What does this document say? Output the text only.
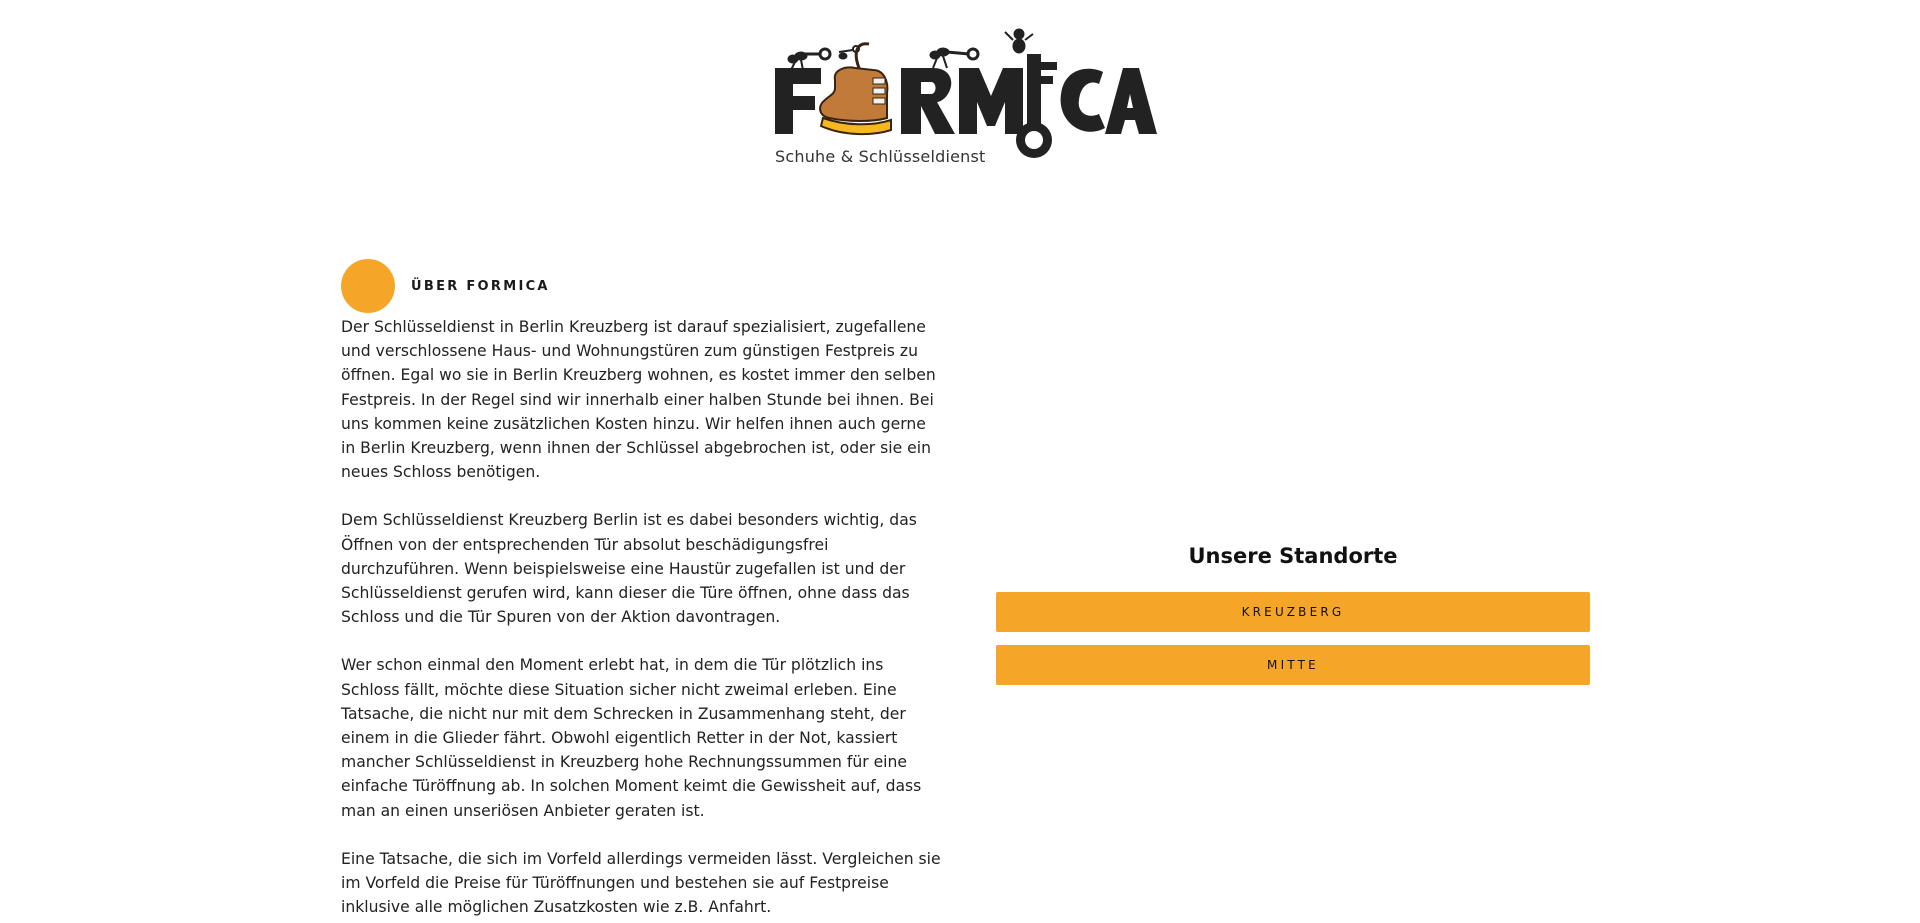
Schuhe & Schlüsseldienst
ÜBER FORMICA

Der Schlüsseldienst in Berlin Kreuzberg ist darauf spezialisiert, zugefallene und verschlossene Haus- und Wohnungstüren zum günstigen Festpreis zu öffnen. Egal wo sie in Berlin Kreuzberg wohnen, es kostet immer den selben Festpreis. In der Regel sind wir innerhalb einer halben Stunde bei ihnen. Bei uns kommen keine zusätzlichen Kosten hinzu. Wir helfen ihnen auch gerne in Berlin Kreuzberg, wenn ihnen der Schlüssel abgebrochen ist, oder sie ein neues Schloss benötigen.

Dem Schlüsseldienst Kreuzberg Berlin ist es dabei besonders wichtig, das Öffnen von der entsprechenden Tür absolut beschädigungsfrei durchzuführen. Wenn beispielsweise eine Haustür zugefallen ist und der Schlüsseldienst gerufen wird, kann dieser die Türe öffnen, ohne dass das Schloss und die Tür Spuren von der Aktion davontragen.

Wer schon einmal den Moment erlebt hat, in dem die Tür plötzlich ins Schloss fällt, möchte diese Situation sicher nicht zweimal erleben. Eine Tatsache, die nicht nur mit dem Schrecken in Zusammenhang steht, der einem in die Glieder fährt. Obwohl eigentlich Retter in der Not, kassiert mancher Schlüsseldienst in Kreuzberg hohe Rechnungssummen für eine einfache Türöffnung ab. In solchen Moment keimt die Gewissheit auf, dass man an einen unseriösen Anbieter geraten ist.

Eine Tatsache, die sich im Vorfeld allerdings vermeiden lässt. Vergleichen sie im Vorfeld die Preise für Türöffnungen und bestehen sie auf Festpreise inklusive alle möglichen Zusatzkosten wie z.B. Anfahrt.

Unsere Standorte
KREUZBERG
MITTE
